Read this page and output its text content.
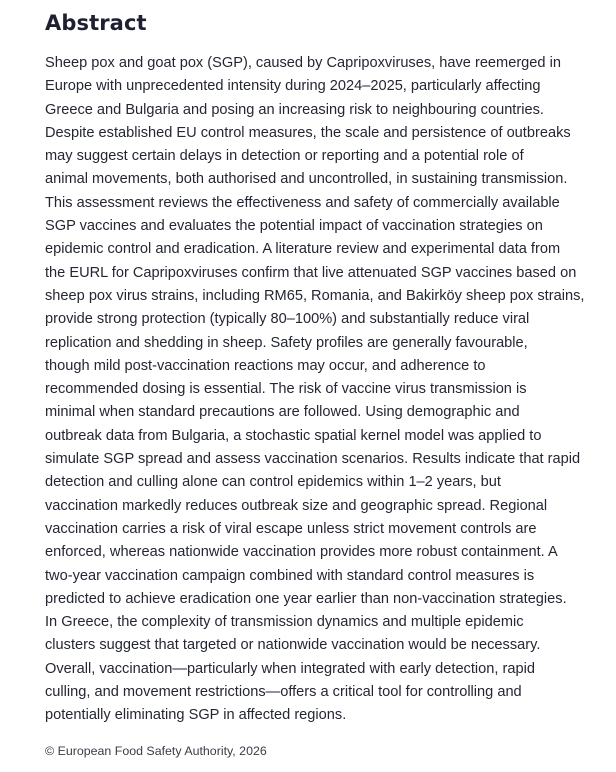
Abstract
Sheep pox and goat pox (SGP), caused by Capripoxviruses, have reemerged in
Europe with unprecedented intensity during 2024–2025, particularly affecting
Greece and Bulgaria and posing an increasing risk to neighbouring countries.
Despite established EU control measures, the scale and persistence of outbreaks
may suggest certain delays in detection or reporting and a potential role of
animal movements, both authorised and uncontrolled, in sustaining transmission.
This assessment reviews the effectiveness and safety of commercially available
SGP vaccines and evaluates the potential impact of vaccination strategies on
epidemic control and eradication. A literature review and experimental data from
the EURL for Capripoxviruses confirm that live attenuated SGP vaccines based on
sheep pox virus strains, including RM65, Romania, and Bakirköy sheep pox strains,
provide strong protection (typically 80–100%) and substantially reduce viral
replication and shedding in sheep. Safety profiles are generally favourable,
though mild post-vaccination reactions may occur, and adherence to
recommended dosing is essential. The risk of vaccine virus transmission is
minimal when standard precautions are followed. Using demographic and
outbreak data from Bulgaria, a stochastic spatial kernel model was applied to
simulate SGP spread and assess vaccination scenarios. Results indicate that rapid
detection and culling alone can control epidemics within 1–2 years, but
vaccination markedly reduces outbreak size and geographic spread. Regional
vaccination carries a risk of viral escape unless strict movement controls are
enforced, whereas nationwide vaccination provides more robust containment. A
two-year vaccination campaign combined with standard control measures is
predicted to achieve eradication one year earlier than non-vaccination strategies.
In Greece, the complexity of transmission dynamics and multiple epidemic
clusters suggest that targeted or nationwide vaccination would be necessary.
Overall, vaccination—particularly when integrated with early detection, rapid
culling, and movement restrictions—offers a critical tool for controlling and
potentially eliminating SGP in affected regions.

© European Food Safety Authority, 2026
